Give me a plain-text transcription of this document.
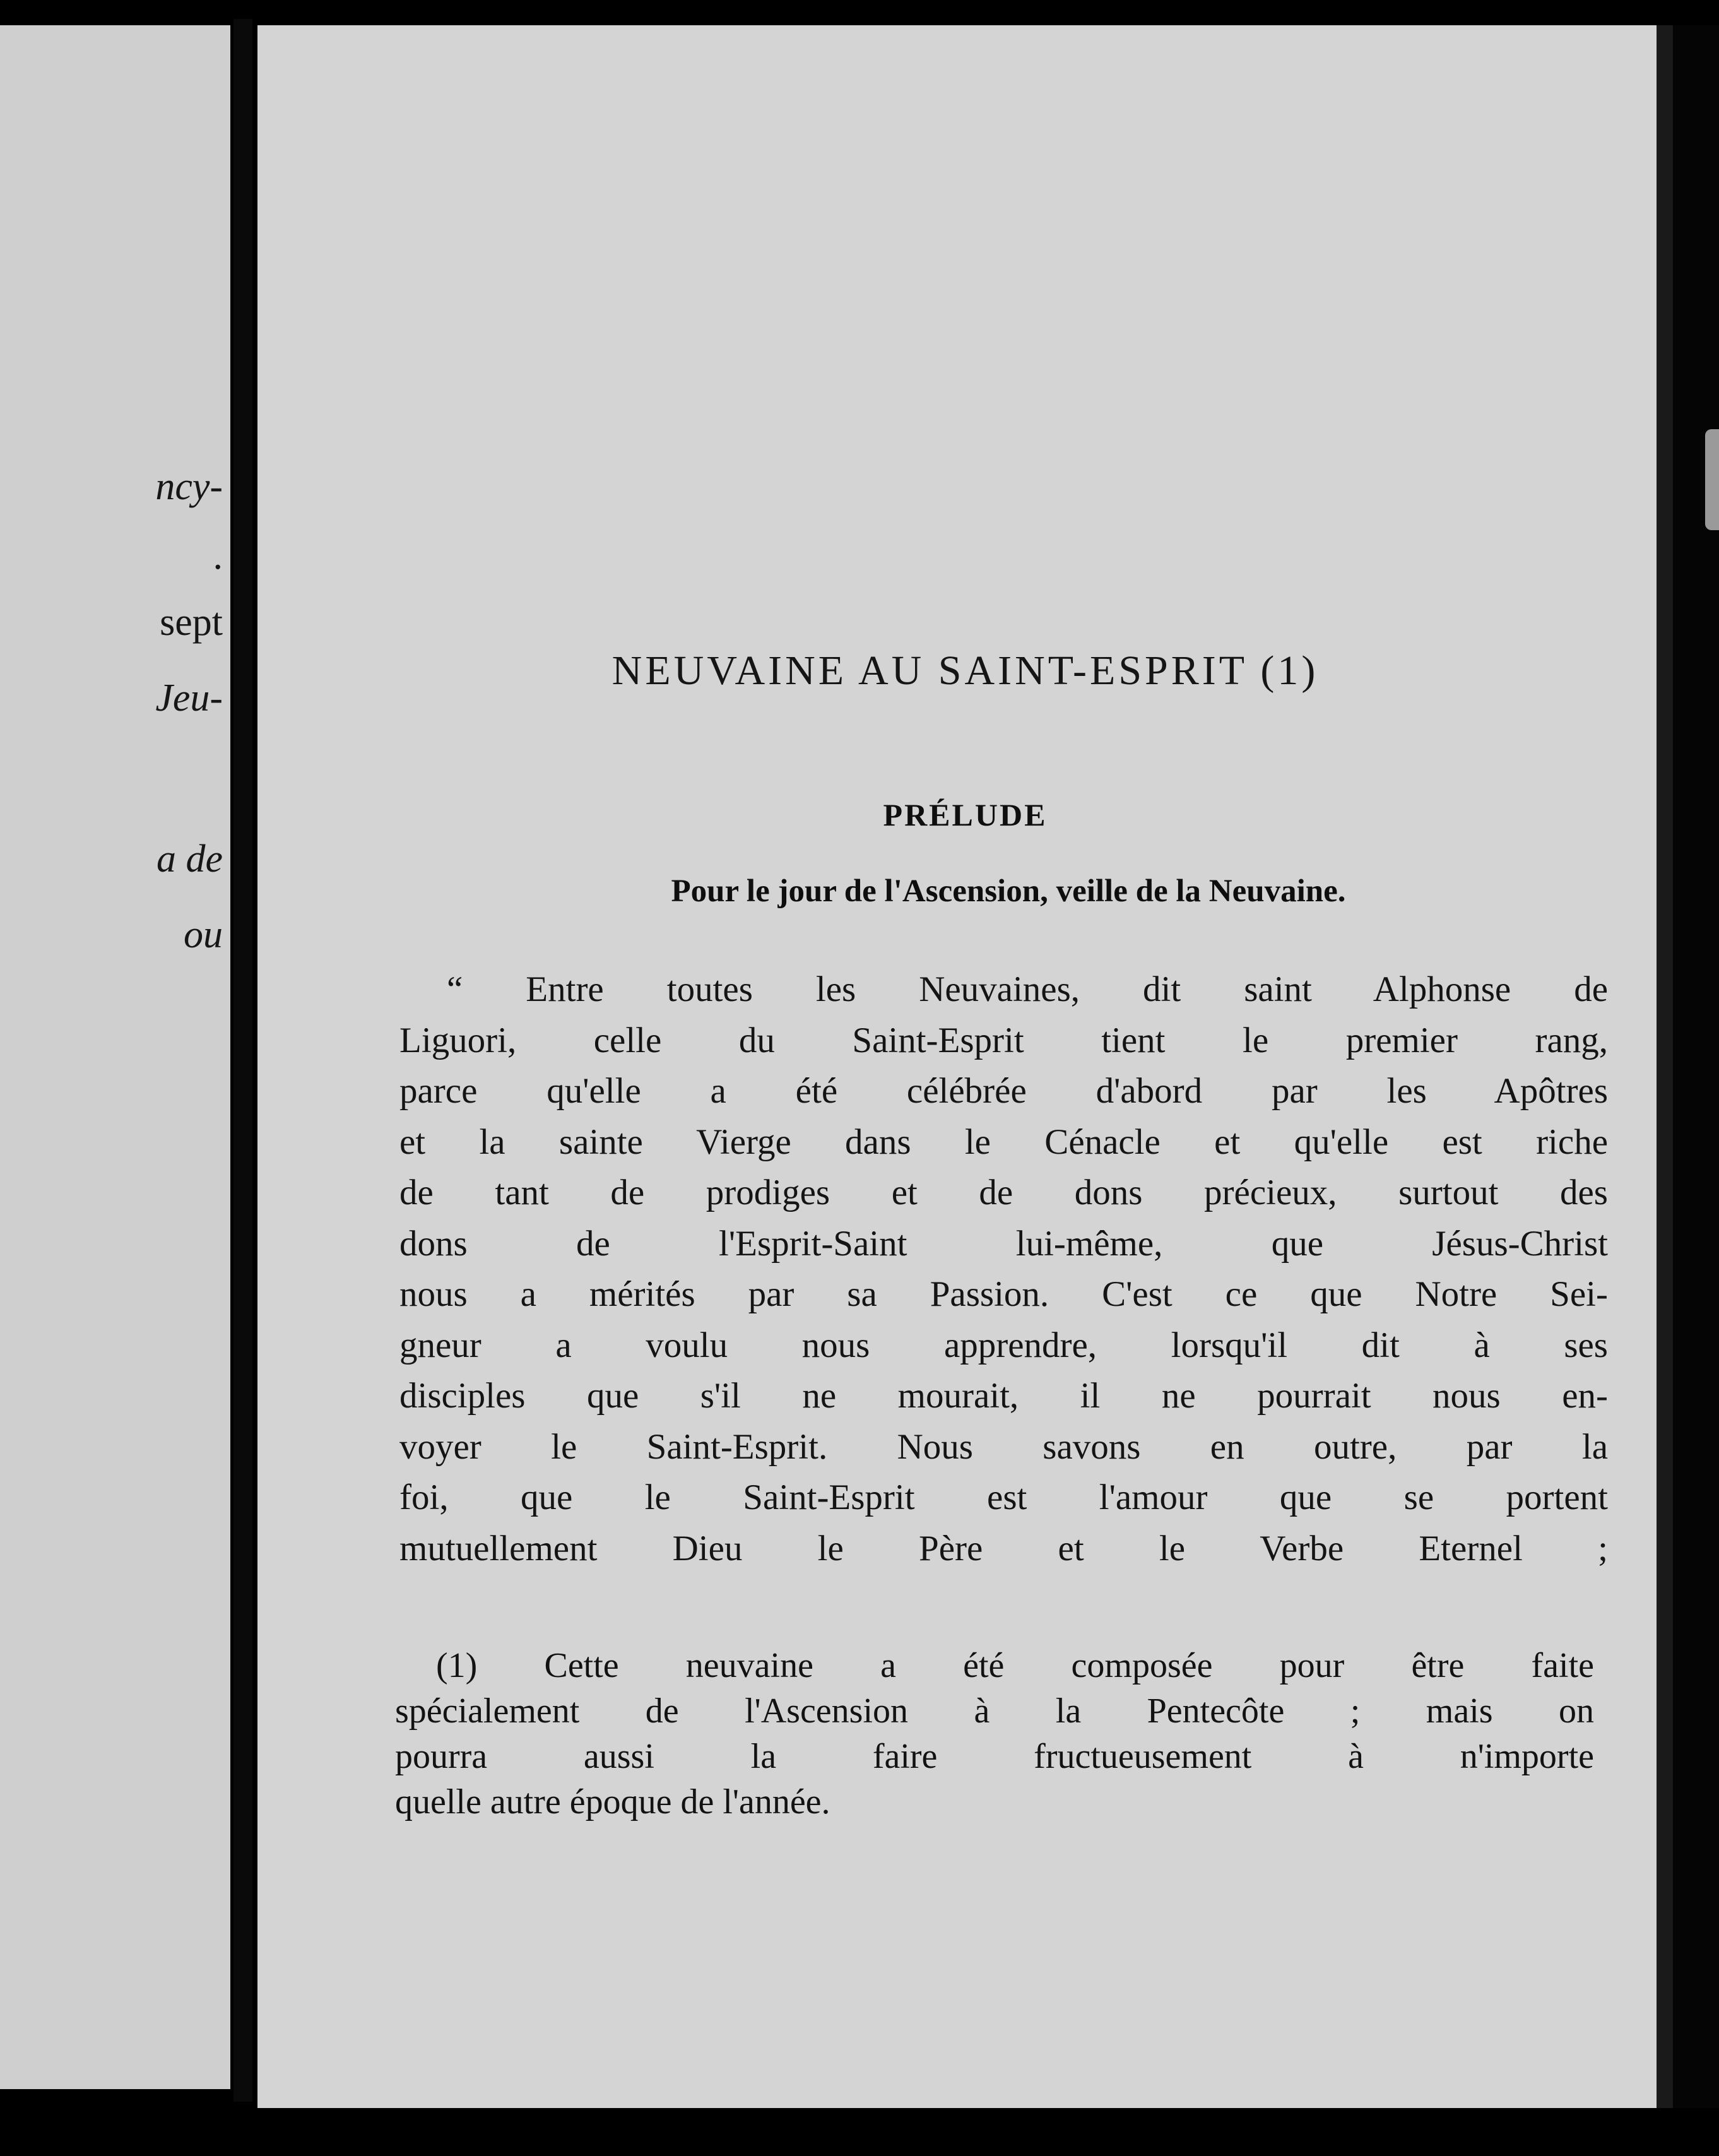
ncy-
.
sept
Jeu-
a de
ou
NEUVAINE AU SAINT-ESPRIT (1)
PRÉLUDE
Pour le jour de l'Ascension, veille de la Neuvaine.
“ Entre toutes les Neuvaines, dit saint Alphonse de
Liguori, celle du Saint-Esprit tient le premier rang,
parce qu'elle a été célébrée d'abord par les Apôtres
et la sainte Vierge dans le Cénacle et qu'elle est riche
de tant de prodiges et de dons précieux, surtout des
dons de l'Esprit-Saint lui-même, que Jésus-Christ
nous a mérités par sa Passion. C'est ce que Notre Sei-
gneur a voulu nous apprendre, lorsqu'il dit à ses
disciples que s'il ne mourait, il ne pourrait nous en-
voyer le Saint-Esprit. Nous savons en outre, par la
foi, que le Saint-Esprit est l'amour que se portent
mutuellement Dieu le Père et le Verbe Eternel ;
(1) Cette neuvaine a été composée pour être faite
spécialement de l'Ascension à la Pentecôte ; mais on
pourra aussi la faire fructueusement à n'importe
quelle autre époque de l'année.
